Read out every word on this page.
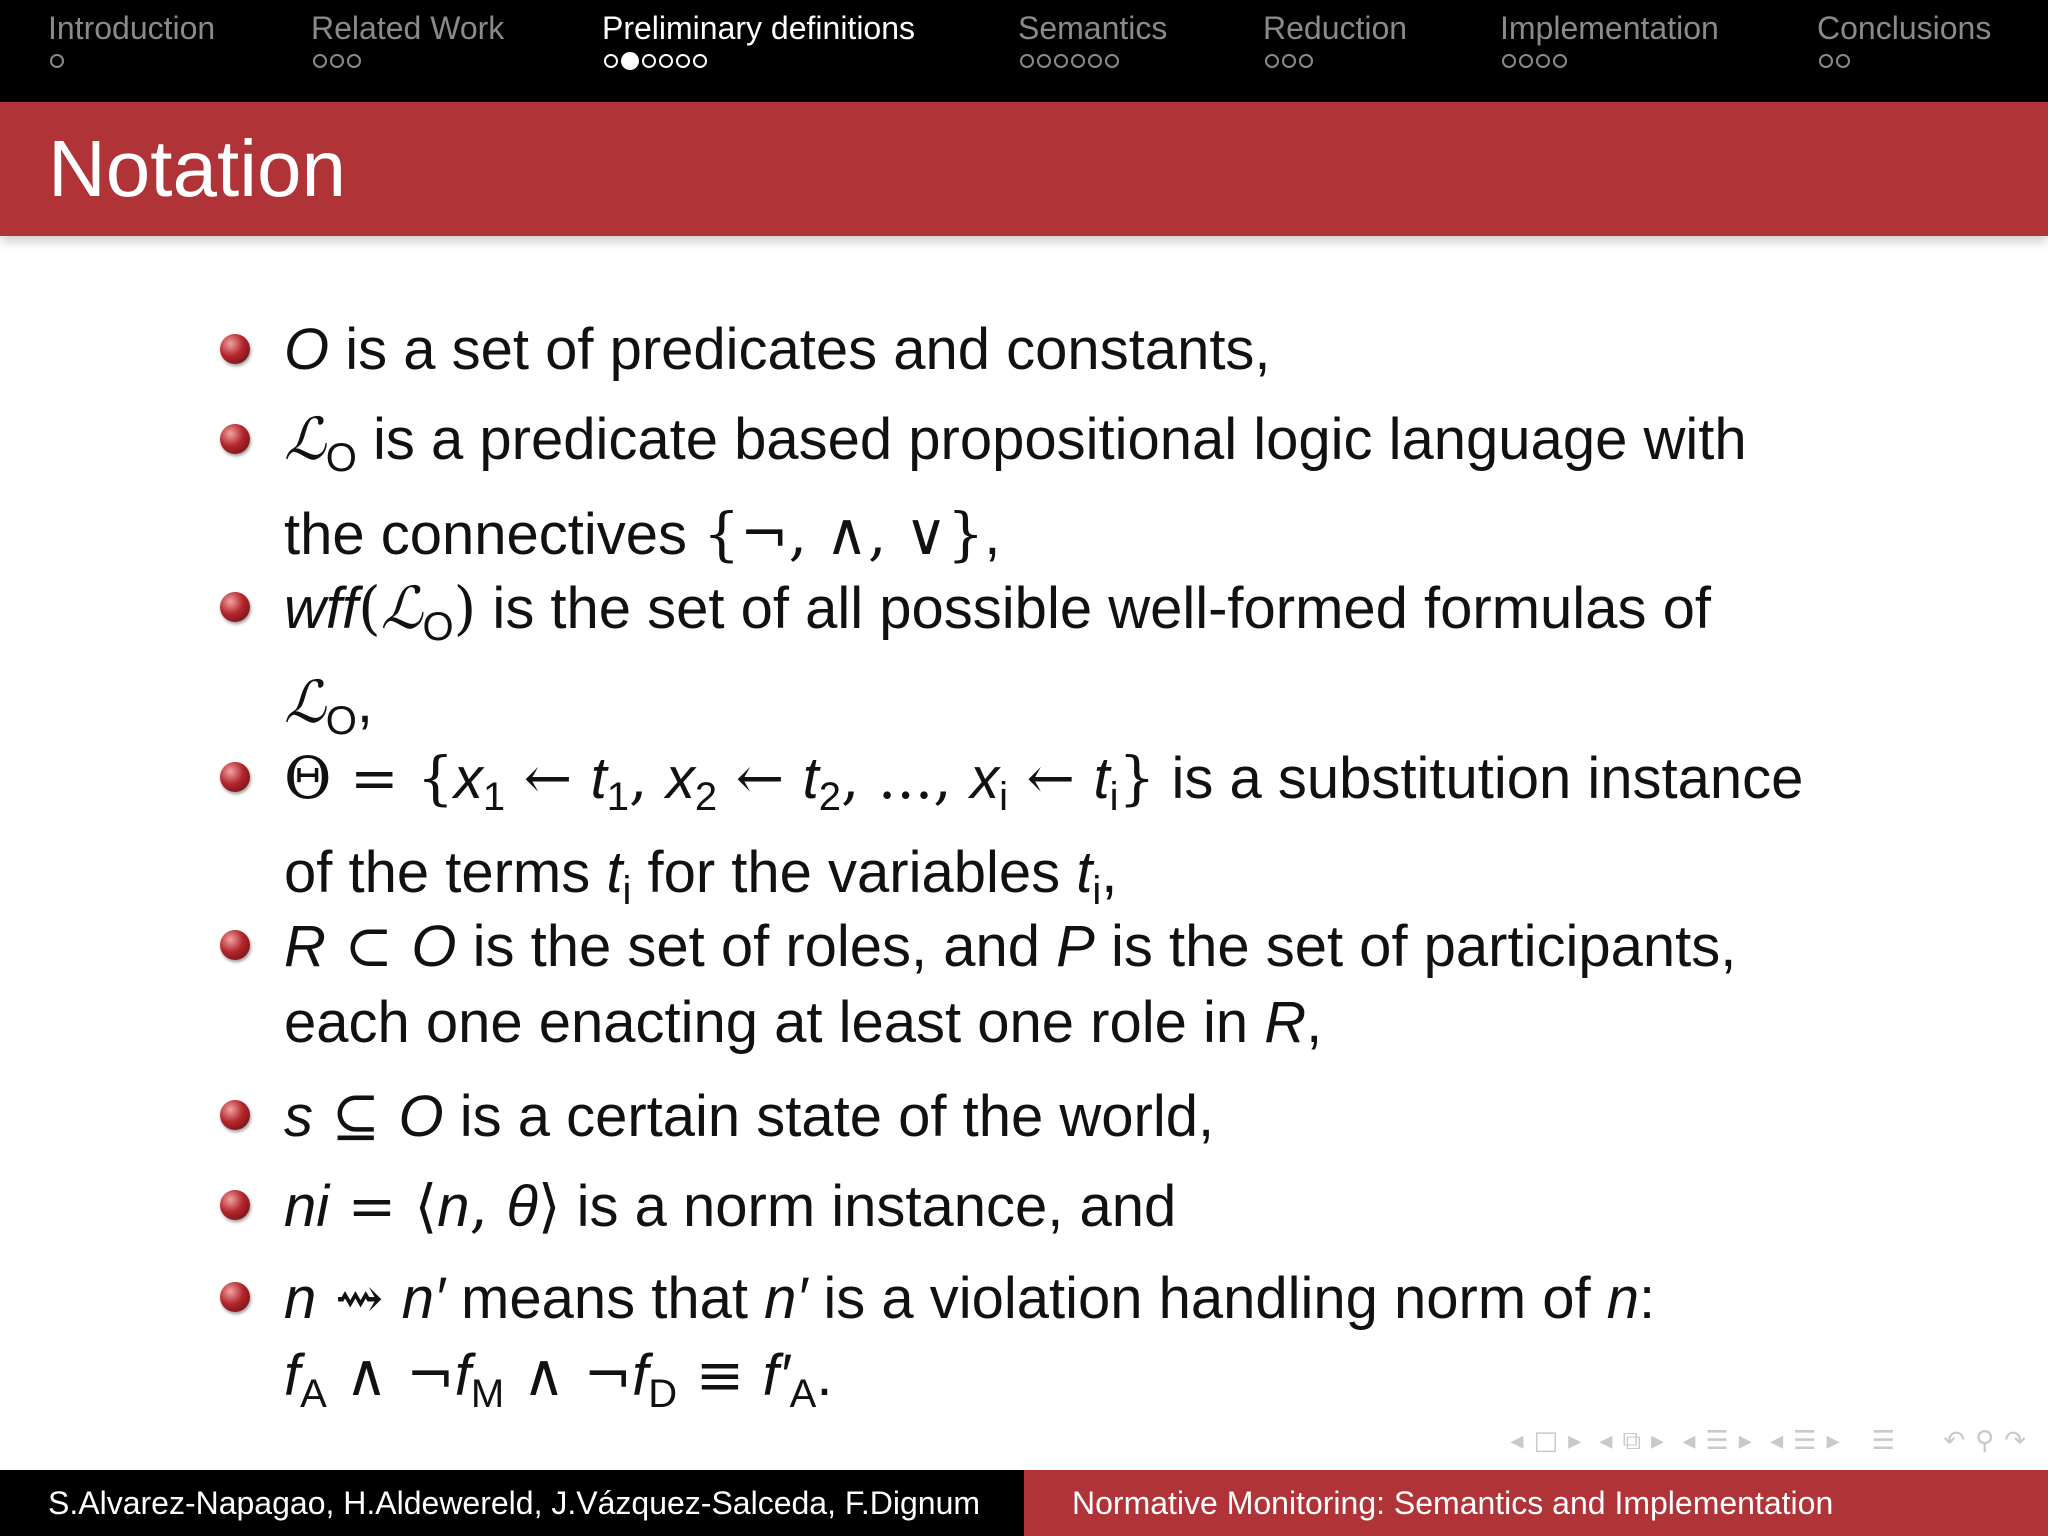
Introduction	Related Work	Preliminary definitions	Semantics	Reduction	Implementation	Conclusions
Notation
O is a set of predicates and constants,
ℒ$_O$ is a predicate based propositional logic language with
the connectives {¬, ∧, ∨},
wff(ℒ$_O$) is the set of all possible well-formed formulas of
ℒ$_O$,
$\Theta = \{x_1$ ← $t_1$, $x_2$ ← $t_2$, ..., $x_i$ ← $t_i$} is a substitution instance
of the terms $t_i$ for the variables $t_i$,
R ⊂ O is the set of roles, and P is the set of participants,
each one enacting at least one role in R,
s ⊆ O is a certain state of the world,
ni = ⟨n, θ⟩ is a norm instance, and
n ⇝ n′ means that n′ is a violation handling norm of n:
$f_A$ ∧ $\neg f_M$ ∧ $\neg f_D \equiv f'_A$.
◂ □ ▸ ◂ ⧉ ▸ ◂ ☰ ▸ ◂ ☰ ▸ ☰ ↶ ⚲ ↷
S.Alvarez-Napagao, H.Aldewereld, J.Vázquez-Salceda, F.Dignum	Normative Monitoring: Semantics and Implementation
